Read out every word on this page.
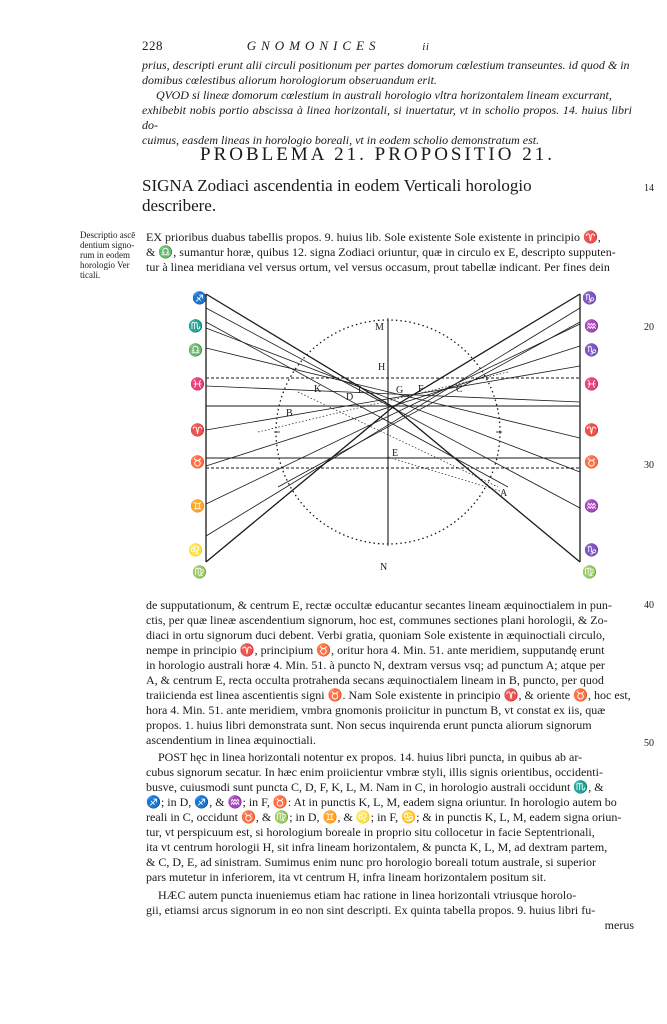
228	GNOMONICES	ii
prius, descripti erunt alii circuli positionum per partes domorum cœlestium transeuntes. id quod & in
domibus cœlestibus aliorum horologiorum obseruandum erit.
QVOD si lineæ domorum cœlestium in australi horologio vltra horizontalem lineam excurrant,
exhibebit nobis portio abscissa à linea horizontali, si inuertatur, vt in scholio propos. 14. huius libri do-
cuimus, easdem lineas in horologio boreali, vt in eodem scholio demonstratum est.
PROBLEMA 21. PROPOSITIO 21.
SIGNA Zodiaci ascendentia in eodem Verticali horologio
describere.
Descriptio ascē
dentium signo-
rum in eodem
horologio Ver
ticali.
14
20
30
40
50
EX prioribus duabus tabellis propos. 9. huius lib. Sole existente Sole existente in principio ♈,
& ♎, sumantur horæ, quibus 12. signa Zodiaci oriuntur, quæ in circulo ex E, descripto supputen-
tur à linea meridiana vel versus ortum, vel versus occasum, prout tabellæ indicant. Per fines dein
M
N
H
K	L
D
G F	C
B
E
A
♐
♏
♎
♓
♈
♉
♊
♌
♍
♑
♒
♑
♓
♈
♉
♒
♑
♍
de supputationum, & centrum E, rectæ occultæ educantur secantes lineam æquinoctialem in pun-
ctis, per quæ lineæ ascendentium signorum, hoc est, communes sectiones plani horologii, & Zo-
diaci in ortu signorum duci debent. Verbi gratia, quoniam Sole existente in æquinoctiali circulo,
nempe in principio ♈, principium ♉, oritur hora 4. Min. 51. ante meridiem, supputandę erunt
in horologio australi horæ 4. Min. 51. à puncto N, dextram versus vsq; ad punctum A; atque per
A, & centrum E, recta occulta protrahenda secans æquinoctialem lineam in B, puncto, per quod
traiicienda est linea ascentientis signi ♉. Nam Sole existente in principio ♈, & oriente ♉, hoc est,
hora 4. Min. 51. ante meridiem, vmbra gnomonis proiicitur in punctum B, vt constat ex iis, quæ
propos. 1. huius libri demonstrata sunt. Non secus inquirenda erunt puncta aliorum signorum
ascendentium in linea æquinoctiali.
POST hęc in linea horizontali notentur ex propos. 14. huius libri puncta, in quibus ab ar-
cubus signorum secatur. In hæc enim proiicientur vmbræ styli, illis signis orientibus, occidenti-
busve, cuiusmodi sunt puncta C, D, F, K, L, M. Nam in C, in horologio australi occidunt ♏, &
♐; in D, ♐, & ♒; in F, ♉: At in punctis K, L, M, eadem signa oriuntur. In horologio autem bo
reali in C, occidunt ♉, & ♍; in D, ♊, & ♌; in F, ♋; & in punctis K, L, M, eadem signa oriun-
tur, vt perspicuum est, si horologium boreale in proprio situ collocetur in facie Septentrionali,
ita vt centrum horologii H, sit infra lineam horizontalem, & puncta K, L, M, ad dextram partem,
& C, D, E, ad sinistram. Sumimus enim nunc pro horologio boreali totum australe, si superior
pars mutetur in inferiorem, ita vt centrum H, infra lineam horizontalem positum sit.
HÆC autem puncta inueniemus etiam hac ratione in linea horizontali vtriusque horolo-
gii, etiamsi arcus signorum in eo non sint descripti. Ex quinta tabella propos. 9. huius libri fu-
merus
